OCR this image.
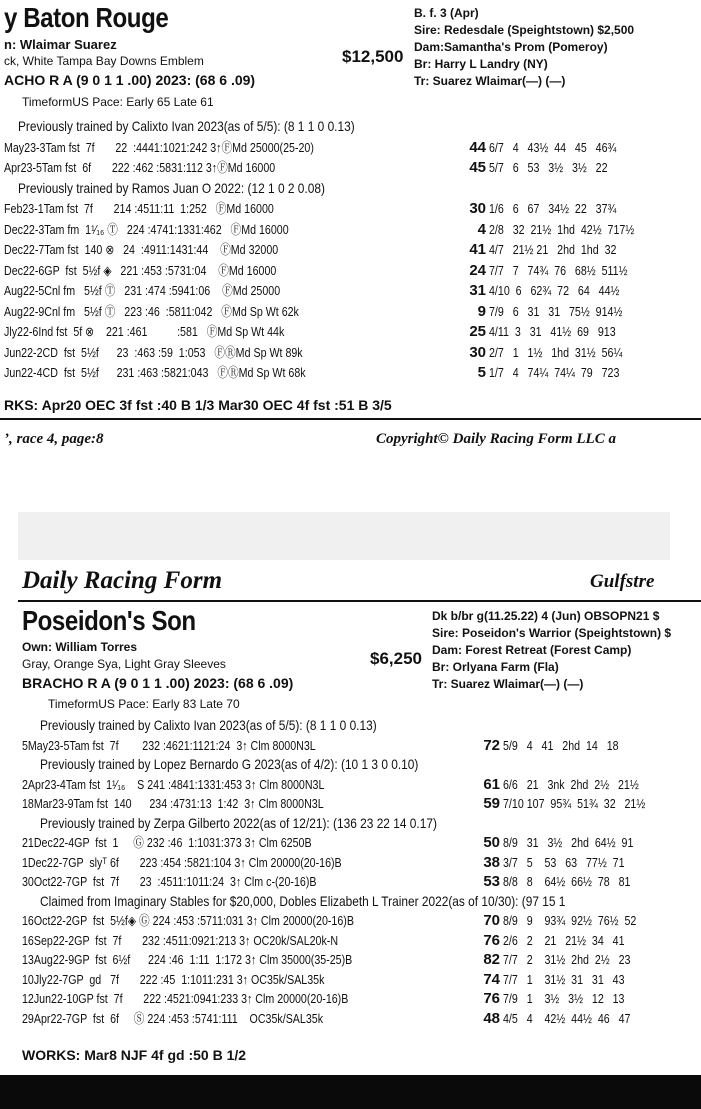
y Baton Rouge
n: Wlaimar Suarez
ck, White Tampa Bay Downs Emblem	$12,500
ACHO R A (9 0 1 1 .00) 2023: (68 6 .09)
TimeformUS Pace: Early 65 Late 61
B. f. 3 (Apr)
Sire: Redesdale (Speightstown) $2,500
Dam:Samantha's Prom (Pomeroy)
Br: Harry L Landry (NY)
Tr: Suarez Wlaimar(—) (—)
Previously trained by Calixto Ivan 2023(as of 5/5): (8 1 1 0 0.13)
May23-3Tam fst  7f       22  :4441:1021:242 3↑ⒻMd 25000(25-20)	44 6/7   4   43½  44   45   46¾
Apr23-5Tam fst  6f       222 :462 :5831:112 3↑ⒻMd 16000	45 5/7   6   53   3½   3½   22
Previously trained by Ramos Juan O 2022: (12 1 0 2 0.08)
Feb23-1Tam fst  7f       214 :4511:11  1:252   ⒻMd 16000	30 1/6   6   67   34½  22   37¾
Dec22-3Tam fm  1¹⁄₁₆ Ⓣ   224 :4741:1331:462   ⒻMd 16000	4 2/8   32  21½  1hd  42½  717½
Dec22-7Tam fst  140 ⊗   24  :4911:1431:44    ⒻMd 32000	41 4/7   21½ 21   2hd  1hd  32
Dec22-6GP  fst  5½f ◈   221 :453 :5731:04    ⒻMd 16000	24 7/7   7   74¾  76   68½  511½
Aug22-5Cnl fm   5½f Ⓣ   231 :474 :5941:06    ⒻMd 25000	31 4/10  6   62¾  72   64   44½
Aug22-9Cnl fm   5½f Ⓣ   223 :46  :5811:042   ⒻMd Sp Wt 62k	9 7/9   6   31   31   75½  914½
Jly22-6Ind fst  5f ⊗    221 :461          :581   ⒻMd Sp Wt 44k	25 4/11  3   31   41½  69   913
Jun22-2CD  fst  5½f      23  :463 :59  1:053   ⒻⓇMd Sp Wt 89k	30 2/7   1   1½   1hd  31½  56¼
Jun22-4CD  fst  5½f      231 :463 :5821:043   ⒻⓇMd Sp Wt 68k	5 1/7   4   74¼  74¼  79   723
RKS: Apr20 OEC 3f fst :40 B 1/3 Mar30 OEC 4f fst :51 B 3/5
’, race 4, page:8	Copyright© Daily Racing Form LLC a
Daily Racing Form	Gulfstre
Poseidon's Son
Own: William Torres
Gray, Orange Sya, Light Gray Sleeves	$6,250
BRACHO R A (9 0 1 1 .00) 2023: (68 6 .09)
TimeformUS Pace: Early 83 Late 70
Dk b/br g(11.25.22) 4 (Jun) OBSOPN21 $
Sire: Poseidon's Warrior (Speightstown) $
Dam: Forest Retreat (Forest Camp)
Br: Orlyana Farm (Fla)
Tr: Suarez Wlaimar(—) (—)
Previously trained by Calixto Ivan 2023(as of 5/5): (8 1 1 0 0.13)
5May23-5Tam fst  7f        232 :4621:1121:24  3↑ Clm 8000N3L	72 5/9   4   41   2hd  14   18
Previously trained by Lopez Bernardo G 2023(as of 4/2): (10 1 3 0 0.10)
2Apr23-4Tam fst  1¹⁄₁₆    S 241 :4841:1331:453 3↑ Clm 8000N3L	61 6/6   21   3nk  2hd  2½   21½
18Mar23-9Tam fst  140      234 :4731:13  1:42  3↑ Clm 8000N3L	59 7/10 107  95¾  51¾  32   21½
Previously trained by Zerpa Gilberto 2022(as of 12/21): (136 23 22 14 0.17)
21Dec22-4GP  fst  1     Ⓖ 232 :46  1:1031:373 3↑ Clm 6250B	50 8/9   31   3½   2hd  64½  91
1Dec22-7GP  slyᵀ 6f       223 :454 :5821:104 3↑ Clm 20000(20-16)B	38 3/7   5    53   63   77½  71
30Oct22-7GP  fst  7f       23  :4511:1011:24  3↑ Clm c-(20-16)B	53 8/8   8    64½  66½  78   81
Claimed from Imaginary Stables for $20,000, Dobles Elizabeth L Trainer 2022(as of 10/30): (97 15 1
16Oct22-2GP  fst  5½f◈ Ⓖ 224 :453 :5711:031 3↑ Clm 20000(20-16)B	70 8/9   9    93¾  92½  76½  52
16Sep22-2GP  fst  7f       232 :4511:0921:213 3↑ OC20k/SAL20k-N	76 2/6   2    21   21½  34   41
13Aug22-9GP  fst  6½f      224 :46  1:11  1:172 3↑ Clm 35000(35-25)B	82 7/7   2    31½  2hd  2½   23
10Jly22-7GP  gd   7f       222 :45  1:1011:231 3↑ OC35k/SAL35k	74 7/7   1    31½  31   31   43
12Jun22-10GP fst  7f       222 :4521:0941:233 3↑ Clm 20000(20-16)B	76 7/9   1    3½   3½   12   13
29Apr22-7GP  fst  6f     Ⓢ 224 :453 :5741:111    OC35k/SAL35k	48 4/5   4    42½  44½  46   47
WORKS: Mar8 NJF 4f gd :50 B 1/2
